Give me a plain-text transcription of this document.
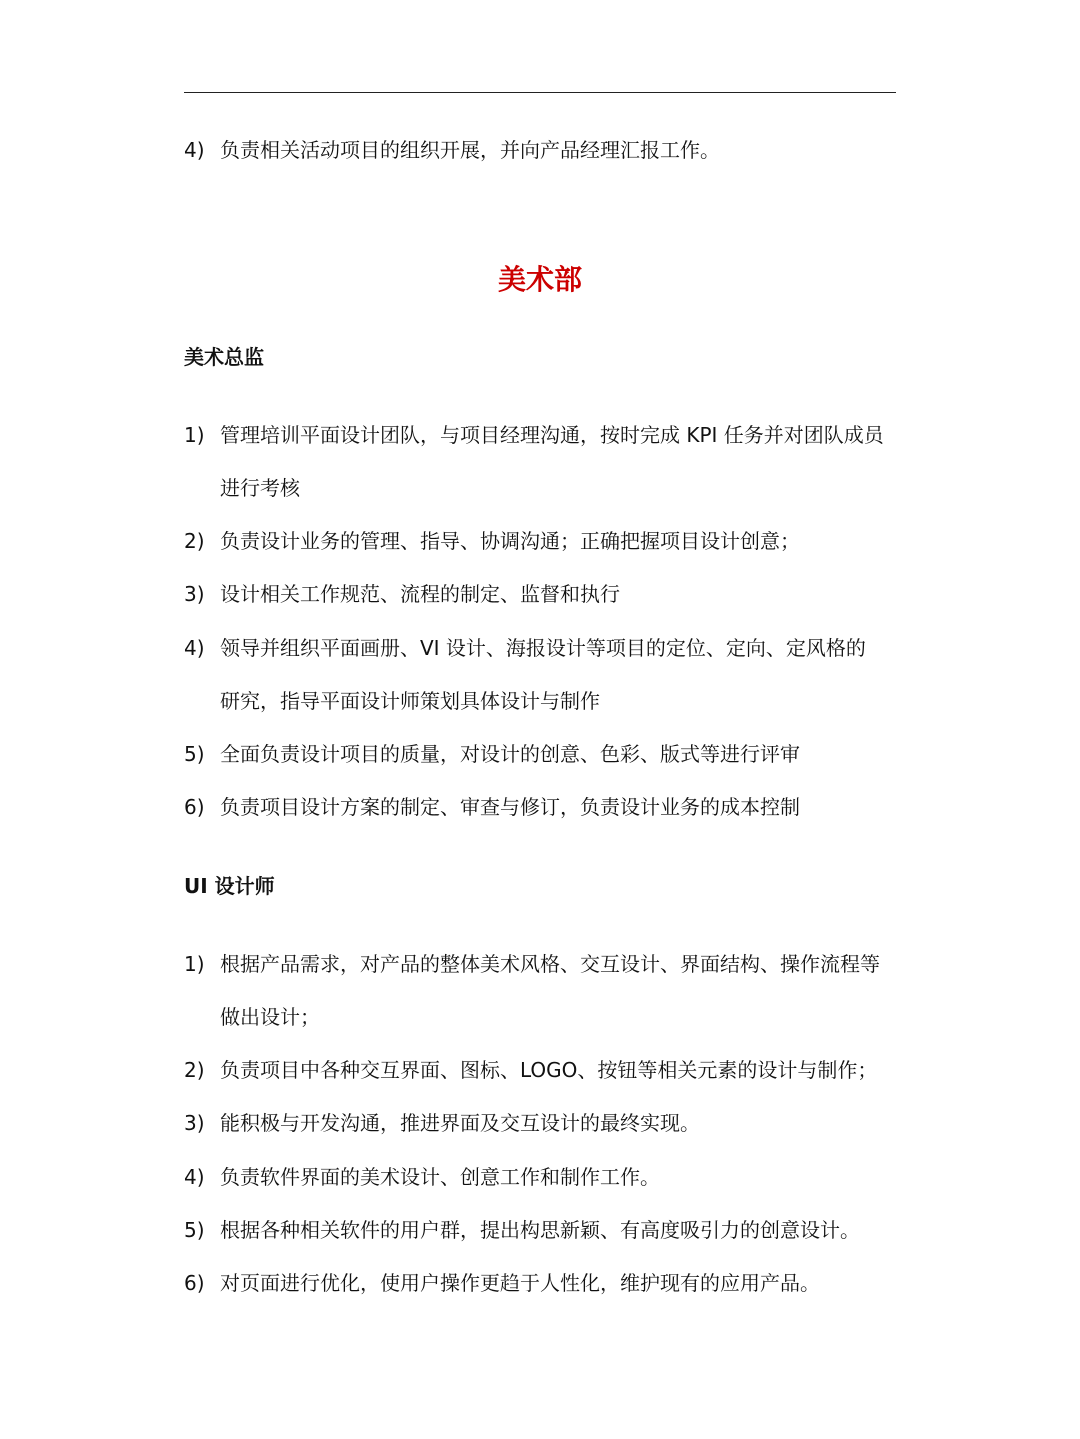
4) 负责相关活动项目的组织开展，并向产品经理汇报工作。
美术部
美术总监
1) 管理培训平面设计团队，与项目经理沟通，按时完成 KPI 任务并对团队成员
进行考核
2) 负责设计业务的管理、指导、协调沟通；正确把握项目设计创意；
3) 设计相关工作规范、流程的制定、监督和执行
4) 领导并组织平面画册、VI 设计、海报设计等项目的定位、定向、定风格的
研究，指导平面设计师策划具体设计与制作
5) 全面负责设计项目的质量，对设计的创意、色彩、版式等进行评审
6) 负责项目设计方案的制定、审查与修订，负责设计业务的成本控制
UI 设计师
1) 根据产品需求，对产品的整体美术风格、交互设计、界面结构、操作流程等
做出设计；
2) 负责项目中各种交互界面、图标、LOGO、按钮等相关元素的设计与制作；
3) 能积极与开发沟通，推进界面及交互设计的最终实现。
4) 负责软件界面的美术设计、创意工作和制作工作。
5) 根据各种相关软件的用户群，提出构思新颖、有高度吸引力的创意设计。
6) 对页面进行优化，使用户操作更趋于人性化，维护现有的应用产品。
